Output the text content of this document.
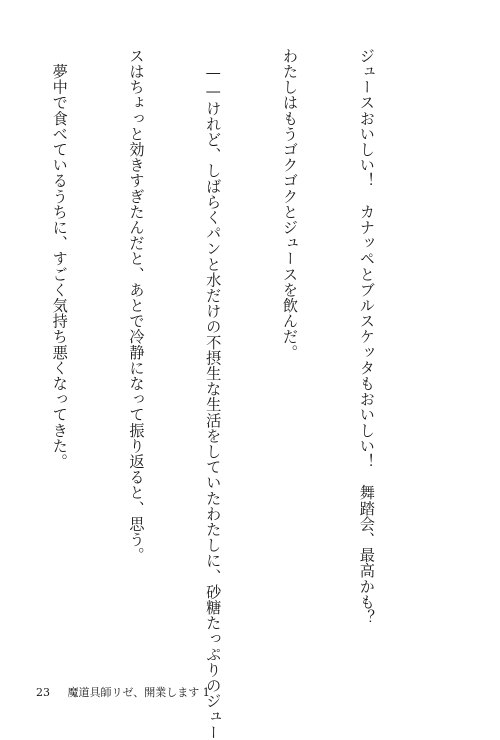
ジュースおいしい！　カナッペとブルスケッタもおいしい！　舞踏会、最高かも？

わたしはもうゴクゴクとジュースを飲んだ。

　——けれど、しばらくパンと水だけの不摂生な生活をしていたわたしに、砂糖たっぷりのジュー

スはちょっと効きすぎたんだと、あとで冷静になって振り返ると、思う。

　夢中で食べているうちに、すごく気持ち悪くなってきた。

23 魔道具師リゼ、開業します 1
